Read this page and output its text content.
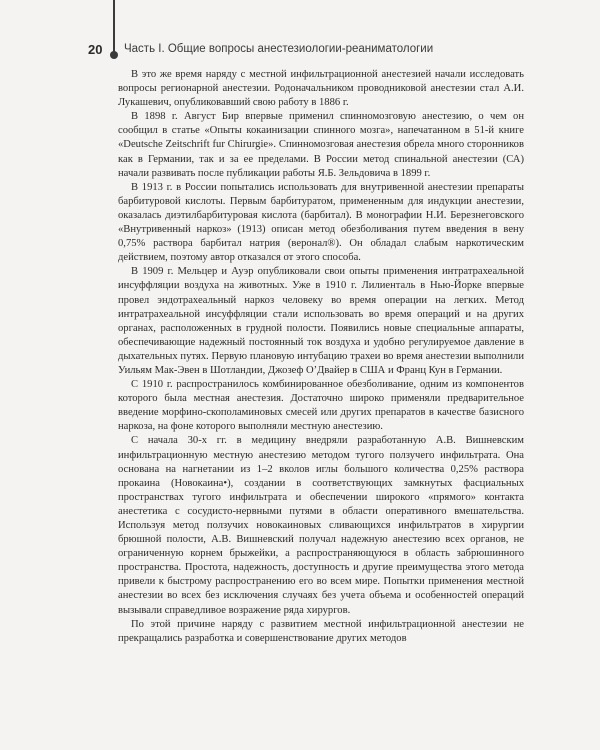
20 Часть I. Общие вопросы анестезиологии-реаниматологии

В это же время наряду с местной инфильтрационной анестезией начали исследовать вопросы регионарной анестезии. Родоначальником проводниковой анестезии стал А.И. Лукашевич, опубликовавший свою работу в 1886 г.

В 1898 г. Август Бир впервые применил спинномозговую анестезию, о чем он сообщил в статье «Опыты кокаинизации спинного мозга», напечатанном в 51-й книге «Deutsche Zeitschrift fur Chirurgie». Спинномозговая анестезия обрела много сторонников как в Германии, так и за ее пределами. В России метод спинальной анестезии (СА) начали развивать после публикации работы Я.Б. Зельдовича в 1899 г.

В 1913 г. в России попытались использовать для внутривенной анестезии препараты барбитуровой кислоты. Первым барбитуратом, примененным для индукции анестезии, оказалась диэтилбарбитуровая кислота (барбитал). В монографии Н.И. Березнеговского «Внутривенный наркоз» (1913) описан метод обезболивания путем введения в вену 0,75% раствора барбитал натрия (веронал®). Он обладал слабым наркотическим действием, поэтому автор отказался от этого способа.

В 1909 г. Мельцер и Ауэр опубликовали свои опыты применения интратрахеальной инсуффляции воздуха на животных. Уже в 1910 г. Лилиенталь в Нью-Йорке впервые провел эндотрахеальный наркоз человеку во время операции на легких. Метод интратрахеальной инсуффляции стали использовать во время операций и на других органах, расположенных в грудной полости. Появились новые специальные аппараты, обеспечивающие надежный постоянный ток воздуха и удобно регулируемое давление в дыхательных путях. Первую плановую интубацию трахеи во время анестезии выполнили Уильям Мак-Эвен в Шотландии, Джозеф О’Двайер в США и Франц Кун в Германии.

С 1910 г. распространилось комбинированное обезболивание, одним из компонентов которого была местная анестезия. Достаточно широко применяли предварительное введение морфино-скополаминовых смесей или других препаратов в качестве базисного наркоза, на фоне которого выполняли местную анестезию.

С начала 30-х гг. в медицину внедряли разработанную А.В. Вишневским инфильтрационную местную анестезию методом тугого ползучего инфильтрата. Она основана на нагнетании из 1–2 вколов иглы большого количества 0,25% раствора прокаина (Новокаина•), создании в соответствующих замкнутых фасциальных пространствах тугого инфильтрата и обеспечении широкого «прямого» контакта анестетика с сосудисто-нервными путями в области оперативного вмешательства. Используя метод ползучих новокаиновых сливающихся инфильтратов в хирургии брюшной полости, А.В. Вишневский получал надежную анестезию всех органов, не ограниченную корнем брыжейки, а распространяющуюся в область забрюшинного пространства. Простота, надежность, доступность и другие преимущества этого метода привели к быстрому распространению его во всем мире. Попытки применения местной анестезии во всех без исключения случаях без учета объема и особенностей операций вызывали справедливое возражение ряда хирургов.

По этой причине наряду с развитием местной инфильтрационной анестезии не прекращались разработка и совершенствование других методов
